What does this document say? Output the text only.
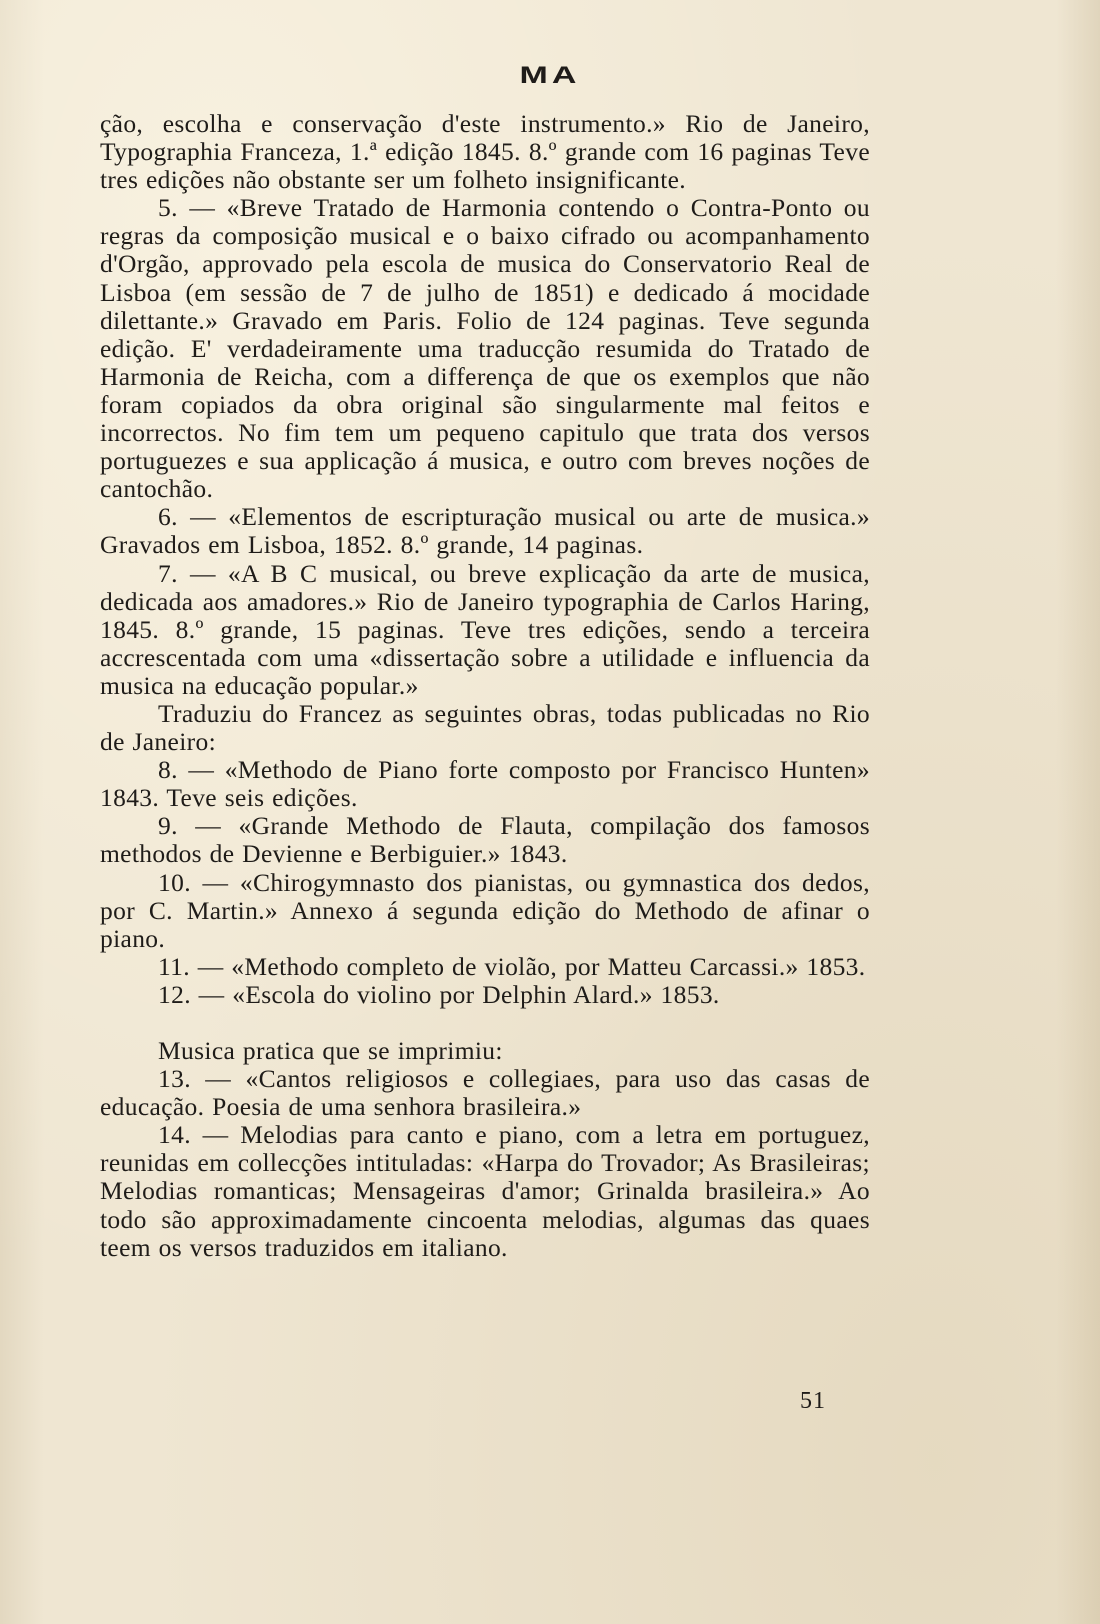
MA

ção, escolha e conservação d'este instrumento.» Rio de Janeiro, Typographia Franceza, 1.ª edição 1845. 8.º grande com 16 paginas Teve tres edições não obstante ser um folheto insignificante.

5. — «Breve Tratado de Harmonia contendo o Contra-Ponto ou regras da composição musical e o baixo cifrado ou acompanhamento d'Orgão, approvado pela escola de musica do Conservatorio Real de Lisboa (em sessão de 7 de julho de 1851) e dedicado á mocidade dilettante.» Gravado em Paris. Folio de 124 paginas. Teve segunda edição. E' verdadeiramente uma traducção resumida do Tratado de Harmonia de Reicha, com a differença de que os exemplos que não foram copiados da obra original são singularmente mal feitos e incorrectos. No fim tem um pequeno capitulo que trata dos versos portuguezes e sua applicação á musica, e outro com breves noções de cantochão.

6. — «Elementos de escripturação musical ou arte de musica.» Gravados em Lisboa, 1852. 8.º grande, 14 paginas.

7. — «A B C musical, ou breve explicação da arte de musica, dedicada aos amadores.» Rio de Janeiro typographia de Carlos Haring, 1845. 8.º grande, 15 paginas. Teve tres edições, sendo a terceira accrescentada com uma «dissertação sobre a utilidade e influencia da musica na educação popular.»

Traduziu do Francez as seguintes obras, todas publicadas no Rio de Janeiro:

8. — «Methodo de Piano forte composto por Francisco Hunten» 1843. Teve seis edições.

9. — «Grande Methodo de Flauta, compilação dos famosos methodos de Devienne e Berbiguier.» 1843.

10. — «Chirogymnasto dos pianistas, ou gymnastica dos dedos, por C. Martin.» Annexo á segunda edição do Methodo de afinar o piano.

11. — «Methodo completo de violão, por Matteu Carcassi.» 1853.

12. — «Escola do violino por Delphin Alard.» 1853.

Musica pratica que se imprimiu:

13. — «Cantos religiosos e collegiaes, para uso das casas de educação. Poesia de uma senhora brasileira.»

14. — Melodias para canto e piano, com a letra em portuguez, reunidas em collecções intituladas: «Harpa do Trovador; As Brasileiras; Melodias romanticas; Mensageiras d'amor; Grinalda brasileira.» Ao todo são approximadamente cincoenta melodias, algumas das quaes teem os versos traduzidos em italiano.

51
